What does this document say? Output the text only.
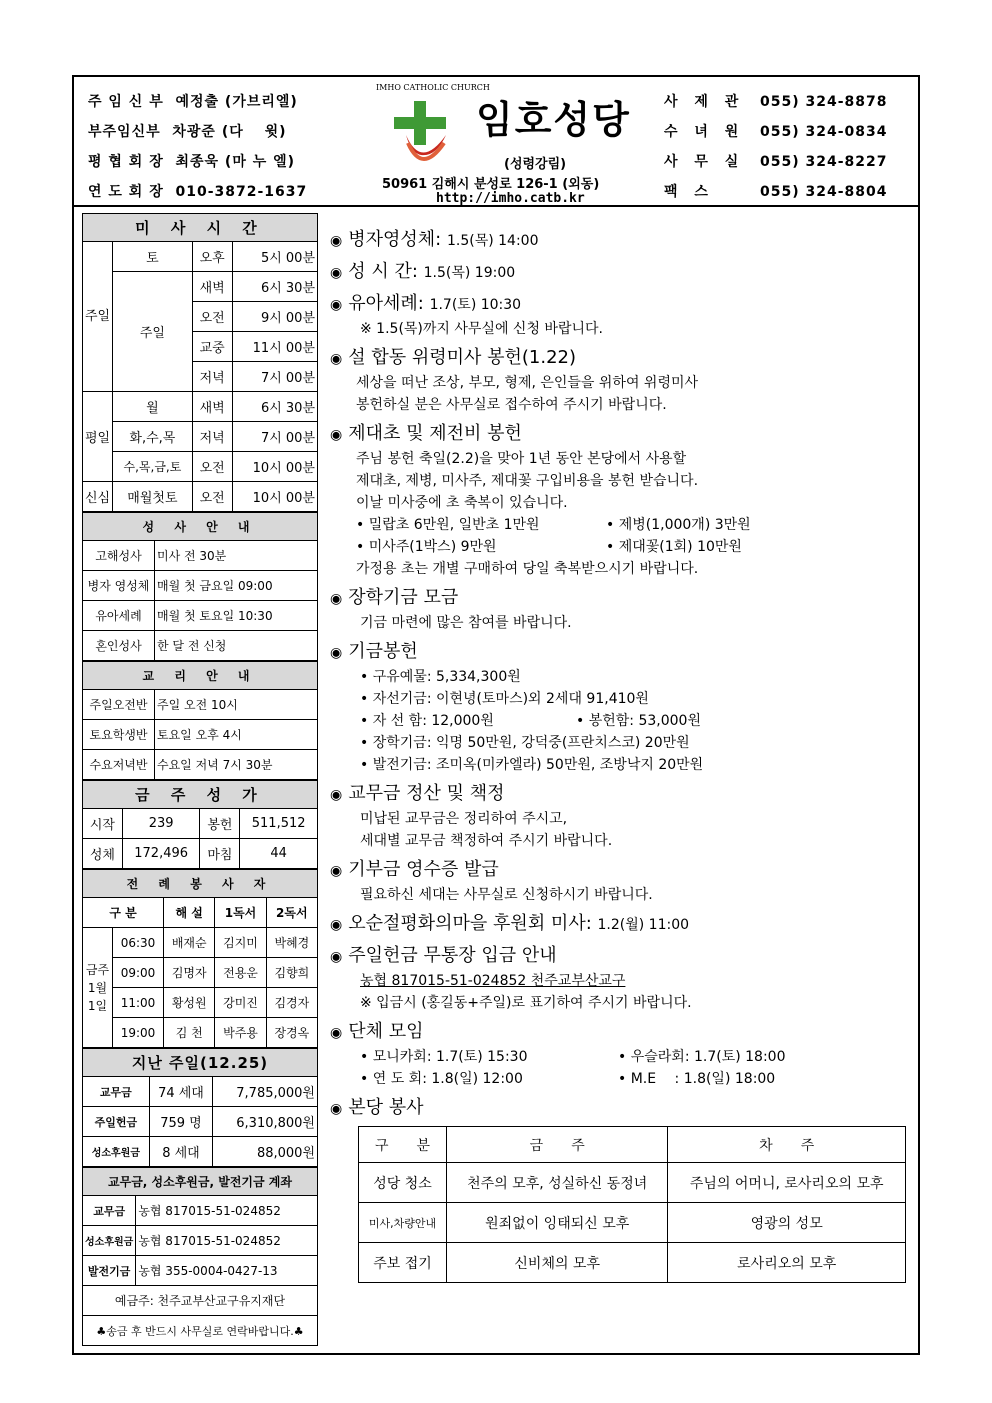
주 임 신 부 예정출 (가브리엘)
부주임신부 차광준 (다　 윗)
평 협 회 장 최종욱 (마 누 엘)
연 도 회 장 010-3872-1637
IMHO CATHOLIC CHURCH
임호성당
(성령강림)
50961 김해시 분성로 126-1 (외동)
http://imho.catb.kr
사 제 관 055) 324-8878
수 녀 원 055) 324-0834
사 무 실 055) 324-8227
팩 스	055) 324-8804
미 사 시 간			
주일	토	오후	5시 00분
	주일	새벽	6시 30분
		오전	9시 00분
		교중	11시 00분
		저녁	7시 00분
평일	월	새벽	6시 30분
	화,수,목	저녁	7시 00분
	수,목,금,토	오전	10시 00분
신심	매월첫토	오전	10시 00분
성 사 안 내	
고해성사	미사 전 30분
병자 영성체	매월 첫 금요일 09:00
유아세례	매월 첫 토요일 10:30
혼인성사	한 달 전 신청
교 리 안 내	
주일오전반	주일 오전 10시
토요학생반	토요일 오후 4시
수요저녁반	수요일 저녁 7시 30분
금 주 성 가			
시작	239	봉헌	511,512
성체	172,496	마침	44
전 례 봉 사 자				
구 분		해 설	1독서	2독서
금주 1월 1일	06:30	배재순	김지미	박혜경
	09:00	김명자	전용운	김향희
	11:00	황성원	강미진	김경자
	19:00	김 천	박주용	장경옥
지난 주일(12.25)		
교무금	74 세대	7,785,000원
주일헌금	759 명	6,310,800원
성소후원금	8 세대	88,000원
교무금, 성소후원금, 발전기금 계좌	
교무금	농협 817015-51-024852
성소후원금	농협 817015-51-024852
발전기금	농협 355-0004-0427-13
예금주: 천주교부산교구유지재단	
♣송금 후 반드시 사무실로 연락바랍니다.♣	
◉ 병자영성체: 1.5(목) 14:00
◉ 성 시 간: 1.5(목) 19:00
◉ 유아세례: 1.7(토) 10:30
※ 1.5(목)까지 사무실에 신청 바랍니다.
◉ 설 합동 위령미사 봉헌(1.22)
세상을 떠난 조상, 부모, 형제, 은인들을 위하여 위령미사
봉헌하실 분은 사무실로 접수하여 주시기 바랍니다.
◉ 제대초 및 제전비 봉헌
주님 봉헌 축일(2.2)을 맞아 1년 동안 본당에서 사용할
제대초, 제병, 미사주, 제대꽃 구입비용을 봉헌 받습니다.
이날 미사중에 초 축복이 있습니다.
• 밀랍초 6만원, 일반초 1만원	• 제병(1,000개) 3만원
• 미사주(1박스) 9만원	• 제대꽃(1회) 10만원
가정용 초는 개별 구매하여 당일 축복받으시기 바랍니다.
◉ 장학기금 모금
기금 마련에 많은 참여를 바랍니다.
◉ 기금봉헌
• 구유예물: 5,334,300원
• 자선기금: 이현녕(토마스)외 2세대 91,410원
• 자 선 함: 12,000원	• 봉헌함: 53,000원
• 장학기금: 익명 50만원, 강덕중(프란치스코) 20만원
• 발전기금: 조미옥(미카엘라) 50만원, 조방낙지 20만원
◉ 교무금 정산 및 책정
미납된 교무금은 정리하여 주시고,
세대별 교무금 책정하여 주시기 바랍니다.
◉ 기부금 영수증 발급
필요하신 세대는 사무실로 신청하시기 바랍니다.
◉ 오순절평화의마을 후원회 미사: 1.2(월) 11:00
◉ 주일헌금 무통장 입금 안내
농협 817015-51-024852 천주교부산교구
※ 입금시 (홍길동+주일)로 표기하여 주시기 바랍니다.
◉ 단체 모임
• 모니카회: 1.7(토) 15:30	• 우슬라회: 1.7(토) 18:00
• 연 도 회: 1.8(일) 12:00	• M.E　 : 1.8(일) 18:00
◉ 본당 봉사
구　　분	금　　주	차　　주
성당 청소	천주의 모후, 성실하신 동정녀	주님의 어머니, 로사리오의 모후
미사,차량안내	원죄없이 잉태되신 모후	영광의 성모
주보 접기	신비체의 모후	로사리오의 모후
